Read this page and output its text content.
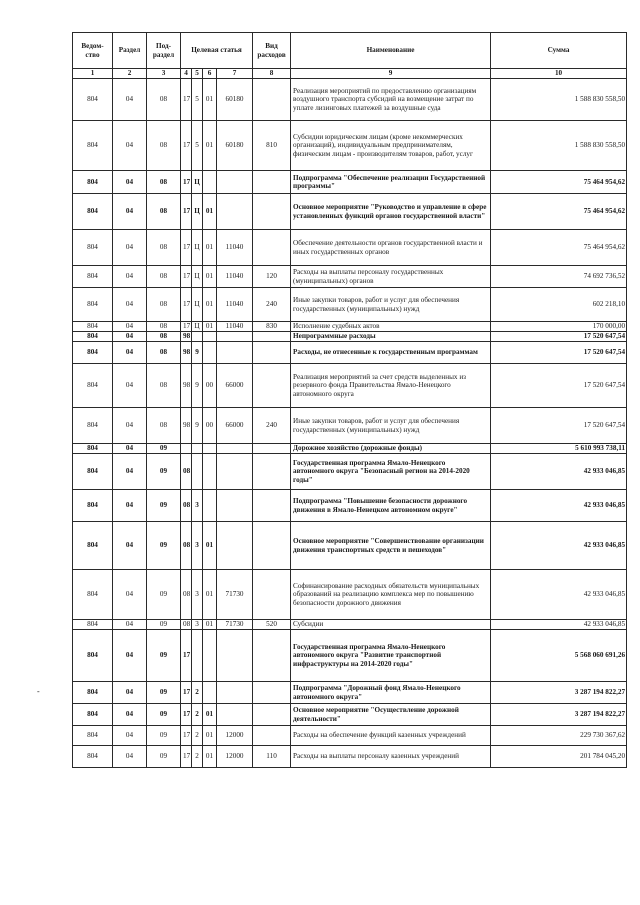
Ведом-ство	Раздел	Под-раздел	Целевая статья				Вид расходов	Наименование	Сумма
1	2	3	4	5	6	7	8	9	10
804	04	08	17	5	01	60180		Реализация мероприятий по предоставлению организациям воздушного транспорта субсидий на возмещение затрат по уплате лизинговых платежей за воздушные суда	1 588 830 558,50
804	04	08	17	5	01	60180	810	Субсидии юридическим лицам (кроме некоммерческих организаций), индивидуальным предпринимателям, физическим лицам - производителям товаров, работ, услуг	1 588 830 558,50
804	04	08	17	Ц				Подпрограмма "Обеспечение реализации Государственной программы"	75 464 954,62
804	04	08	17	Ц	01			Основное мероприятие "Руководство и управление в сфере установленных функций органов государственной власти"	75 464 954,62
804	04	08	17	Ц	01	11040		Обеспечение деятельности органов государственной власти и иных государственных органов	75 464 954,62
804	04	08	17	Ц	01	11040	120	Расходы на выплаты персоналу государственных (муниципальных) органов	74 692 736,52
804	04	08	17	Ц	01	11040	240	Иные закупки товаров, работ и услуг для обеспечения государственных (муниципальных) нужд	602 218,10
804	04	08	17	Ц	01	11040	830	Исполнение судебных актов	170 000,00
804	04	08	98					Непрограммные расходы	17 520 647,54
804	04	08	98	9				Расходы, не отнесенные к государственным программам	17 520 647,54
804	04	08	98	9	00	66000		Реализация мероприятий за счет средств выделенных из резервного фонда Правительства Ямало-Ненецкого автономного округа	17 520 647,54
804	04	08	98	9	00	66000	240	Иные закупки товаров, работ и услуг для обеспечения государственных (муниципальных) нужд	17 520 647,54
804	04	09						Дорожное хозяйство (дорожные фонды)	5 610 993 738,11
804	04	09	08					Государственная программа Ямало-Ненецкого автономного округа "Безопасный регион на 2014-2020 годы"	42 933 046,85
804	04	09	08	3				Подпрограмма "Повышение безопасности дорожного движения в Ямало-Ненецком автономном округе"	42 933 046,85
804	04	09	08	3	01			Основное мероприятие "Совершенствование организации движения транспортных средств и пешеходов"	42 933 046,85
804	04	09	08	3	01	71730		Софинансирование расходных обязательств муниципальных образований на реализацию комплекса мер по повышению безопасности дорожного движения	42 933 046,85
804	04	09	08	3	01	71730	520	Субсидии	42 933 046,85
804	04	09	17					Государственная программа Ямало-Ненецкого автономного округа "Развитие транспортной инфраструктуры на 2014-2020 годы"	5 568 060 691,26
804	04	09	17	2				Подпрограмма "Дорожный фонд Ямало-Ненецкого автономного округа"	3 287 194 822,27
804	04	09	17	2	01			Основное мероприятие "Осуществление дорожной деятельности"	3 287 194 822,27
804	04	09	17	2	01	12000		Расходы на обеспечение функций казенных учреждений	229 730 367,62
804	04	09	17	2	01	12000	110	Расходы на выплаты персоналу казенных учреждений	201 784 045,20
-
